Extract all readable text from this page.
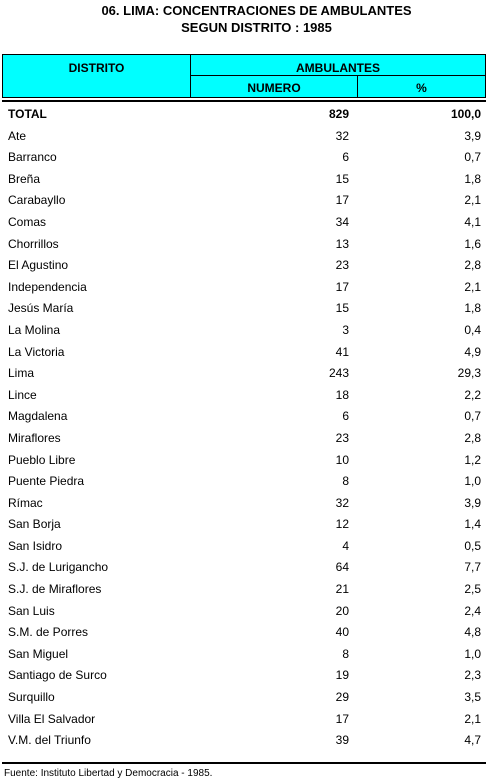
06. LIMA: CONCENTRACIONES DE AMBULANTES
SEGUN DISTRITO : 1985
DISTRITO	AMBULANTES
NUMERO	%
TOTAL	829	100,0
Ate	32	3,9
Barranco	6	0,7
Breña	15	1,8
Carabayllo	17	2,1
Comas	34	4,1
Chorrillos	13	1,6
El Agustino	23	2,8
Independencia	17	2,1
Jesús María	15	1,8
La Molina	3	0,4
La Victoria	41	4,9
Lima	243	29,3
Lince	18	2,2
Magdalena	6	0,7
Miraflores	23	2,8
Pueblo Libre	10	1,2
Puente Piedra	8	1,0
Rímac	32	3,9
San Borja	12	1,4
San Isidro	4	0,5
S.J. de Lurigancho	64	7,7
S.J. de Miraflores	21	2,5
San Luis	20	2,4
S.M. de Porres	40	4,8
San Miguel	8	1,0
Santiago de Surco	19	2,3
Surquillo	29	3,5
Villa El Salvador	17	2,1
V.M. del Triunfo	39	4,7
Fuente: Instituto Libertad y Democracia - 1985.
